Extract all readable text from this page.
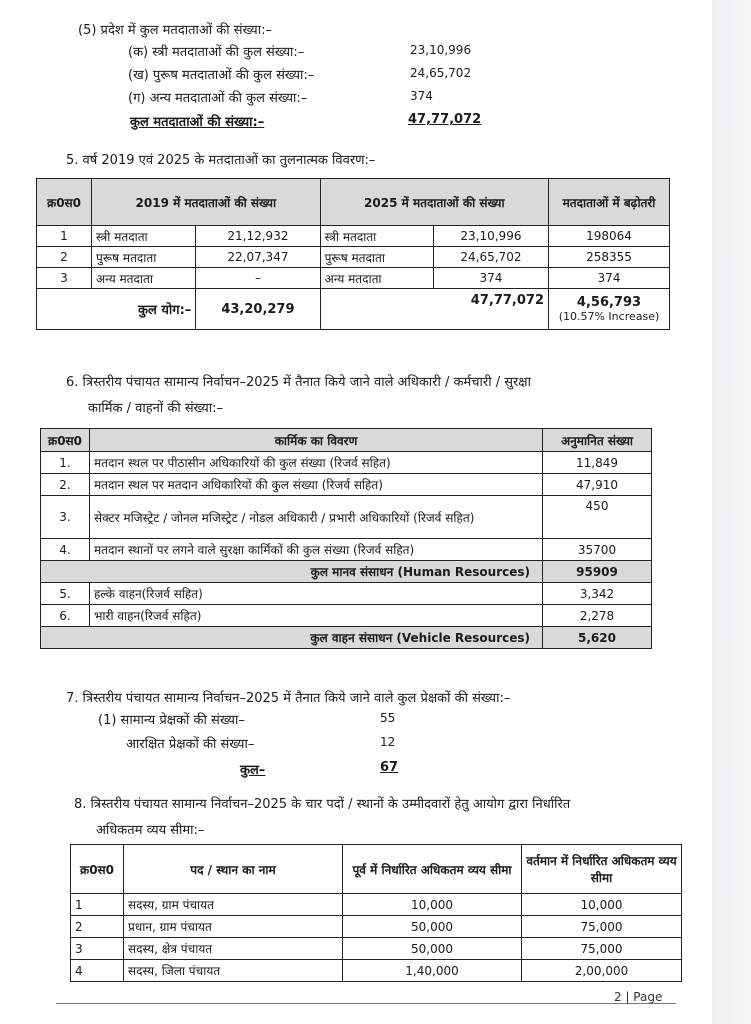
(5) प्रदेश में कुल मतदाताओं की संख्या:–
(क) स्त्री मतदाताओं की कुल संख्या:–	23,10,996
(ख) पुरूष मतदाताओं की कुल संख्या:–	24,65,702
(ग) अन्य मतदाताओं की कुल संख्या:–	374
कुल मतदाताओं की संख्या:–	47,77,072
5. वर्ष 2019 एवं 2025 के मतदाताओं का तुलनात्मक विवरण:–
क्र0स0	2019 में मतदाताओं की संख्या		2025 में मतदाताओं की संख्या		मतदाताओं में बढ़ोतरी
1	स्त्री मतदाता	21,12,932	स्त्री मतदाता	23,10,996	198064
2	पुरूष मतदाता	22,07,347	पुरूष मतदाता	24,65,702	258355
3	अन्य मतदाता	–	अन्य मतदाता	374	374
कुल योग:–		43,20,279	47,77,072		4,56,793
(10.57% Increase)
6. त्रिस्तरीय पंचायत सामान्य निर्वाचन–2025 में तैनात किये जाने वाले अधिकारी / कर्मचारी / सुरक्षा
कार्मिक / वाहनों की संख्या:–
क्र0स0	कार्मिक का विवरण	अनुमानित संख्या
1.	मतदान स्थल पर पीठासीन अधिकारियों की कुल संख्या (रिजर्व सहित)	11,849
2.	मतदान स्थल पर मतदान अधिकारियों की कुल संख्या (रिजर्व सहित)	47,910
3.	सेक्टर मजिस्ट्रेट / जोनल मजिस्ट्रेट / नोडल अधिकारी / प्रभारी अधिकारियों (रिजर्व सहित)	450
4.	मतदान स्थानों पर लगने वाले सुरक्षा कार्मिकों की कुल संख्या (रिजर्व सहित)	35700
कुल मानव संसाधन (Human Resources)		95909
5.	हल्के वाहन(रिजर्व सहित)	3,342
6.	भारी वाहन(रिजर्व सहित)	2,278
कुल वाहन संसाधन (Vehicle Resources)		5,620
7. त्रिस्तरीय पंचायत सामान्य निर्वाचन–2025 में तैनात किये जाने वाले कुल प्रेक्षकों की संख्या:–
(1) सामान्य प्रेक्षकों की संख्या–	55
आरक्षित प्रेक्षकों की संख्या–	12
कुल–	67
8. त्रिस्तरीय पंचायत सामान्य निर्वाचन–2025 के चार पदों / स्थानों के उम्मीदवारों हेतु आयोग द्वारा निर्धारित
अधिकतम व्यय सीमा:–
क्र0स0	पद / स्थान का नाम	पूर्व में निर्धारित अधिकतम व्यय सीमा	वर्तमान में निर्धारित अधिकतम व्यय सीमा
1	सदस्य, ग्राम पंचायत	10,000	10,000
2	प्रधान, ग्राम पंचायत	50,000	75,000
3	सदस्य, क्षेत्र पंचायत	50,000	75,000
4	सदस्य, जिला पंचायत	1,40,000	2,00,000
2 | Page
